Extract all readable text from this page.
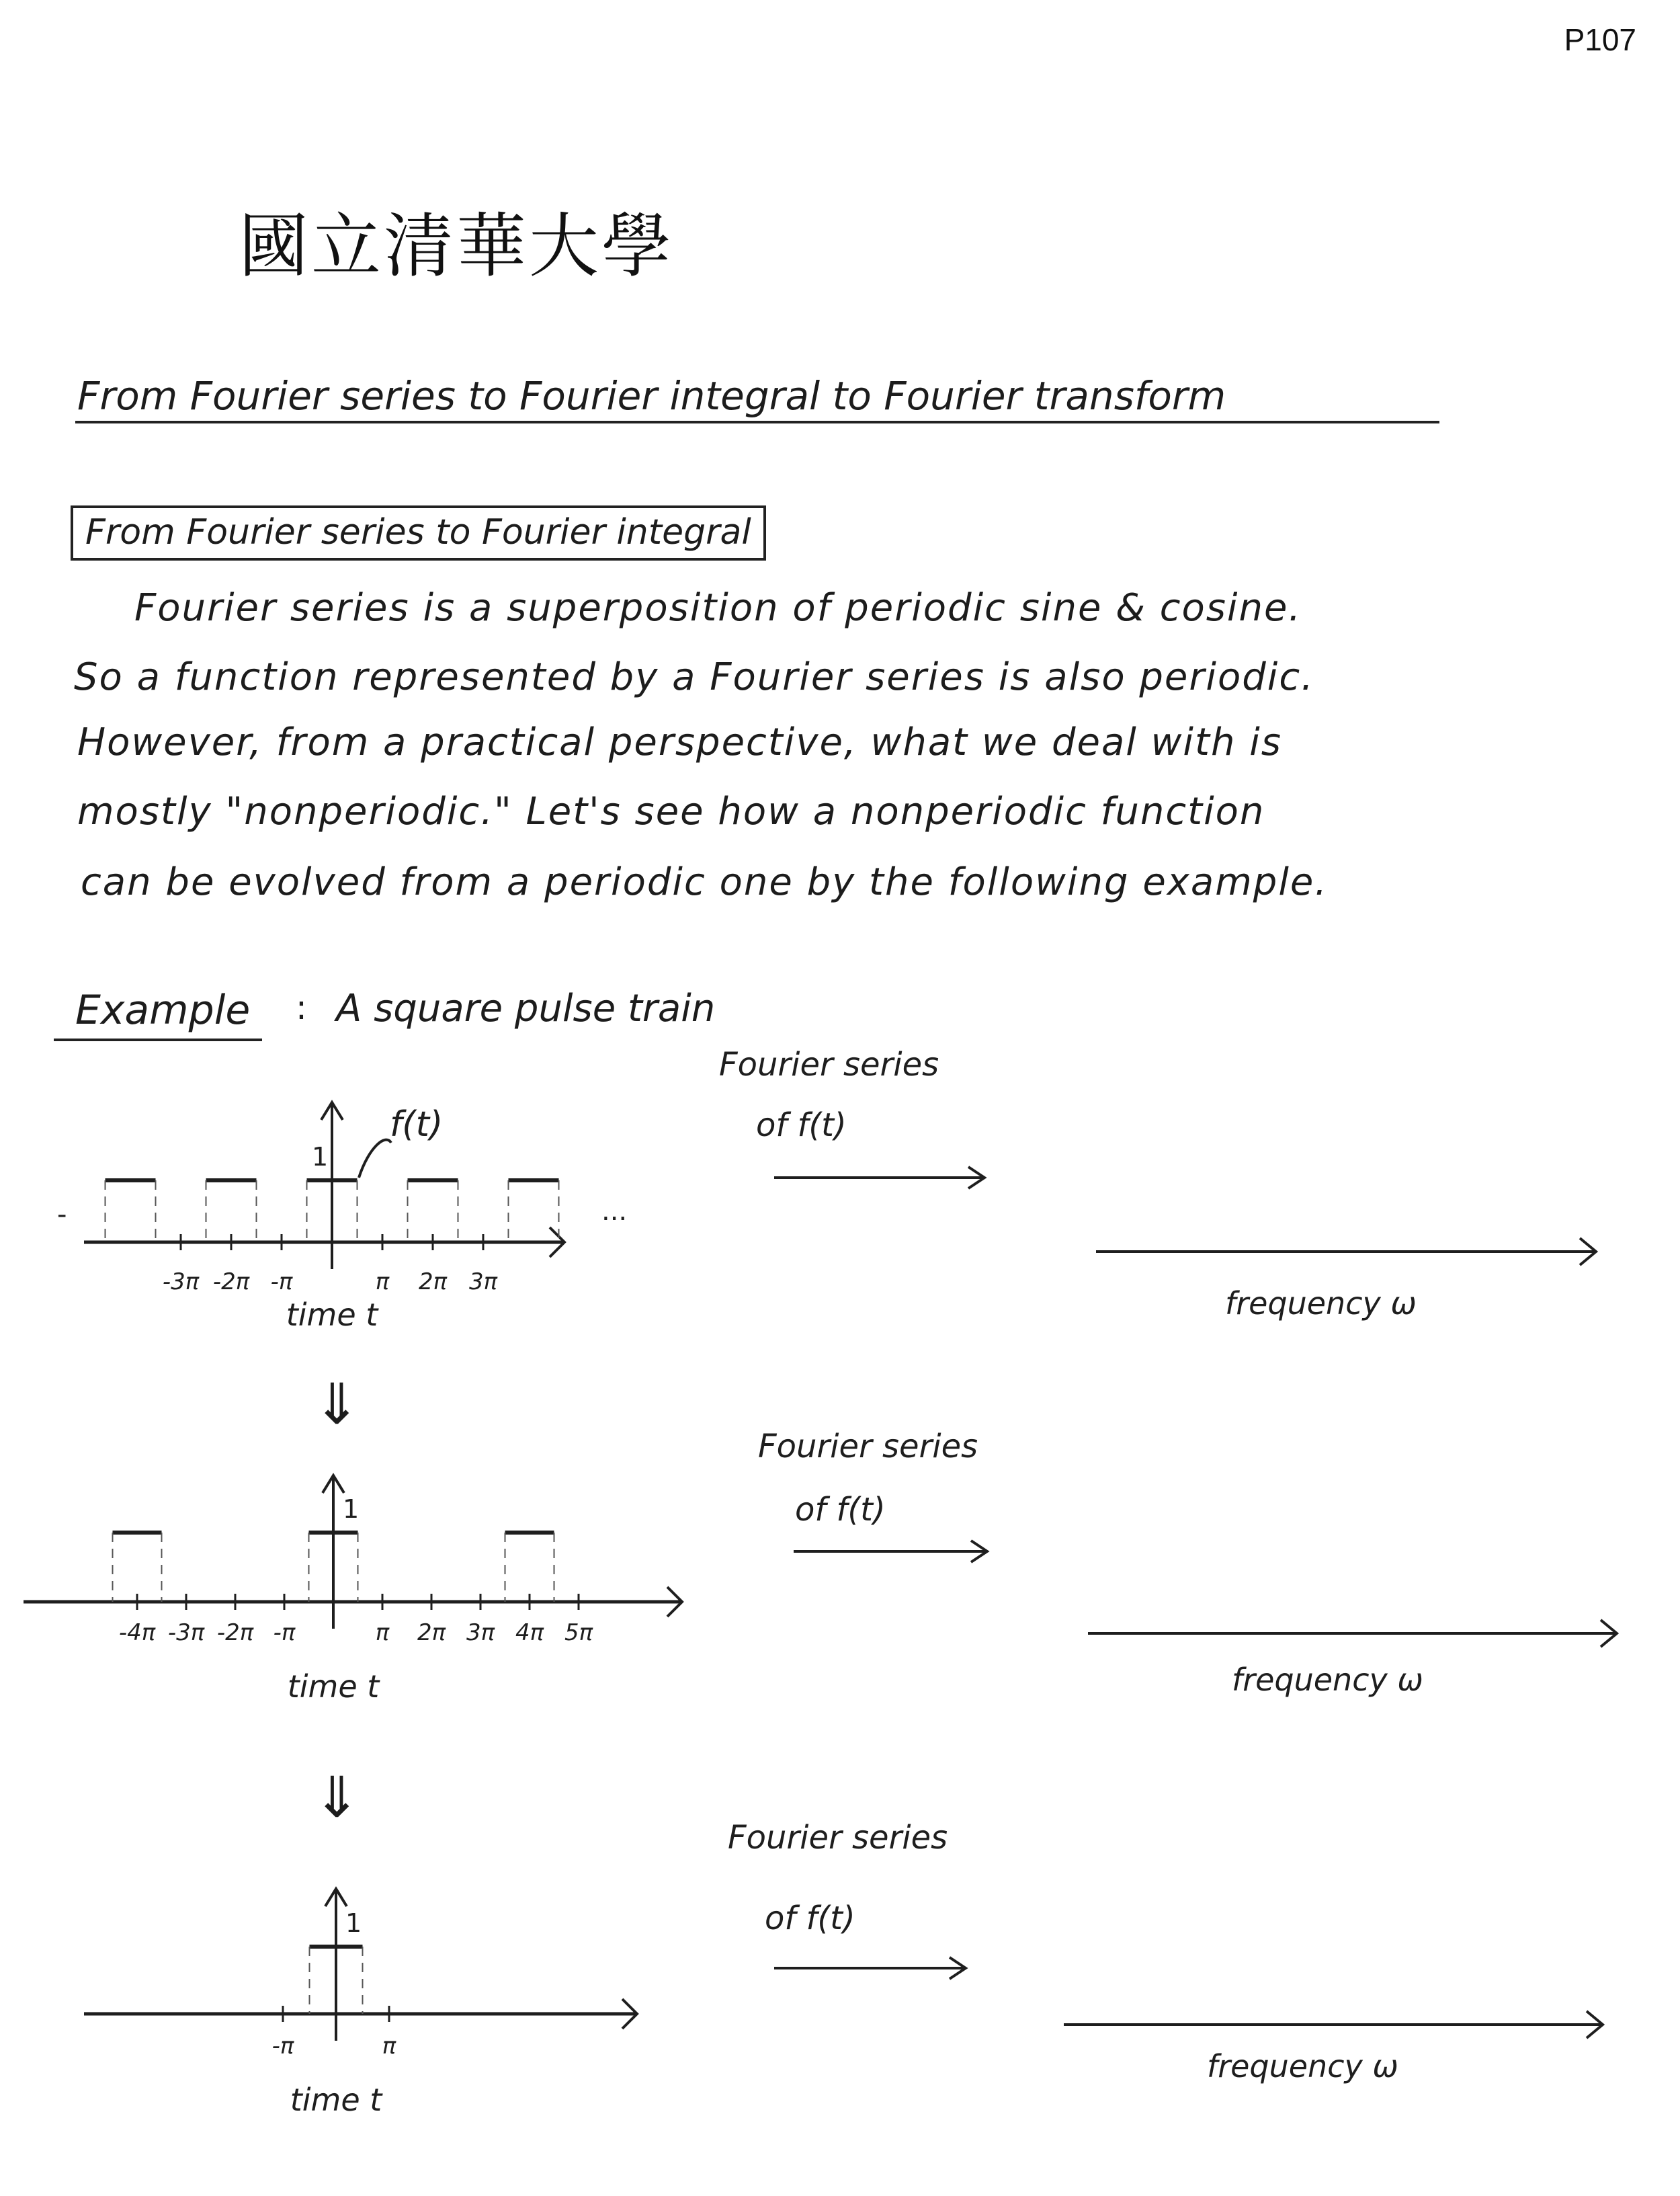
P107
國立清華大學
From Fourier series to Fourier integral to Fourier transform
From Fourier series to Fourier integral
Fourier series is a superposition of periodic sine & cosine.
So a function represented by a Fourier series is also periodic.
However, from a practical perspective, what we deal with is
mostly "nonperiodic." Let's see how a nonperiodic function
can be evolved from a periodic one by the following example.
Example : A square pulse train
⇓
⇓
-3π -2π -π	π 2π 3π
1
time t
f(t)
-	...
Fourier series
of f(t)
frequency ω
-4π -3π -2π -π	π 2π 3π 4π 5π
1
time t
Fourier series
of f(t)
frequency ω
-π	π
1
time t
Fourier series
of f(t)
frequency ω
